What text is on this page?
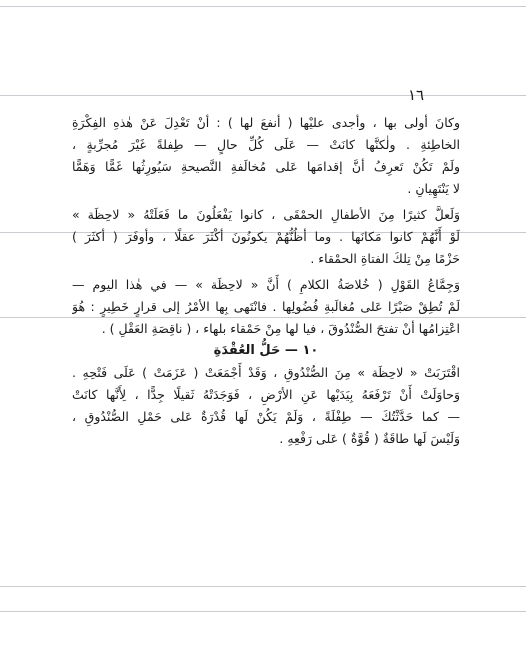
١٦
وكانَ أولى بها ، وأجدى عليْها ( أنفعَ لها ) : أنْ تَعْدِلَ عَنْ هٰذهِ الفِكْرَةِ
الخاطِئةِ . ولٰكنَّها كانَتْ — عَلَى كُلِّ حالٍ — طِفلةً غَيْرَ مُجرِّبةٍ ،
ولَمْ تَكُنْ تَعرِفُ أنَّ إقدامَها عَلى مُخالَفةِ النَّصيحةِ سَيُورِثُها غَمًّا وَهَمًّا
لا يَنْتَهِيانِ .
وَلَعلَّ كثيرًا مِنَ الأطفالِ الحمْقَى ، كانوا يَفْعَلُونَ ما فَعَلَتْهُ « لاحِظَة »
لَوْ أَنَّهُمْ كانوا مَكانَها . وما أظُنُّهُمْ يكونُونَ أكْثَرَ عقلًا ، وأوفَرَ ( أكثَرَ )
حَزْمًا مِنْ تِلكَ الفتاةِ الحمْقاء .
وَجِمَّاعُ القَوْلِ ( خُلاصَةُ الكلامِ ) أَنَّ « لاحِظَة » — في هٰذا اليوم —
لَمْ تُطِقْ صَبْرًا عَلى مُغالَبةِ فُضُولِها . فانْتَهى بِها الأمْرُ إلى قرارٍ خَطِيرٍ : هُوَ
اعْتِزامُها أنْ تفتحَ الصُّنْدُوقَ ، فيا لها مِنْ حَمْقاء بلهاء ، ( ناقِصَةِ العَقْلِ ) .
١٠ — حَلُّ العُقْدَةِ
اقْتَرَبَتْ « لاحِظَة » مِنَ الصُّنْدُوقِ ، وَقَدْ أَجْمَعَتْ ( عَزَمَتْ ) عَلَى فَتْحِهِ .
وَحاوَلَتْ أَنْ تَرْفَعَهُ بِيَدَيْها عَنِ الأرْضِ ، فَوَجَدَتْهُ ثَقيلًا جِدًّا ، لِأَنَّها كانَتْ
— كما حَدَّثْتُكَ — طِفْلَةً ، وَلَمْ يَكُنْ لَها قُدْرَةٌ عَلى حَمْلِ الصُّنْدُوقِ ،
وَلَيْسَ لَها طاقَةٌ ( قُوَّةٌ ) عَلى رَفْعِهِ .
